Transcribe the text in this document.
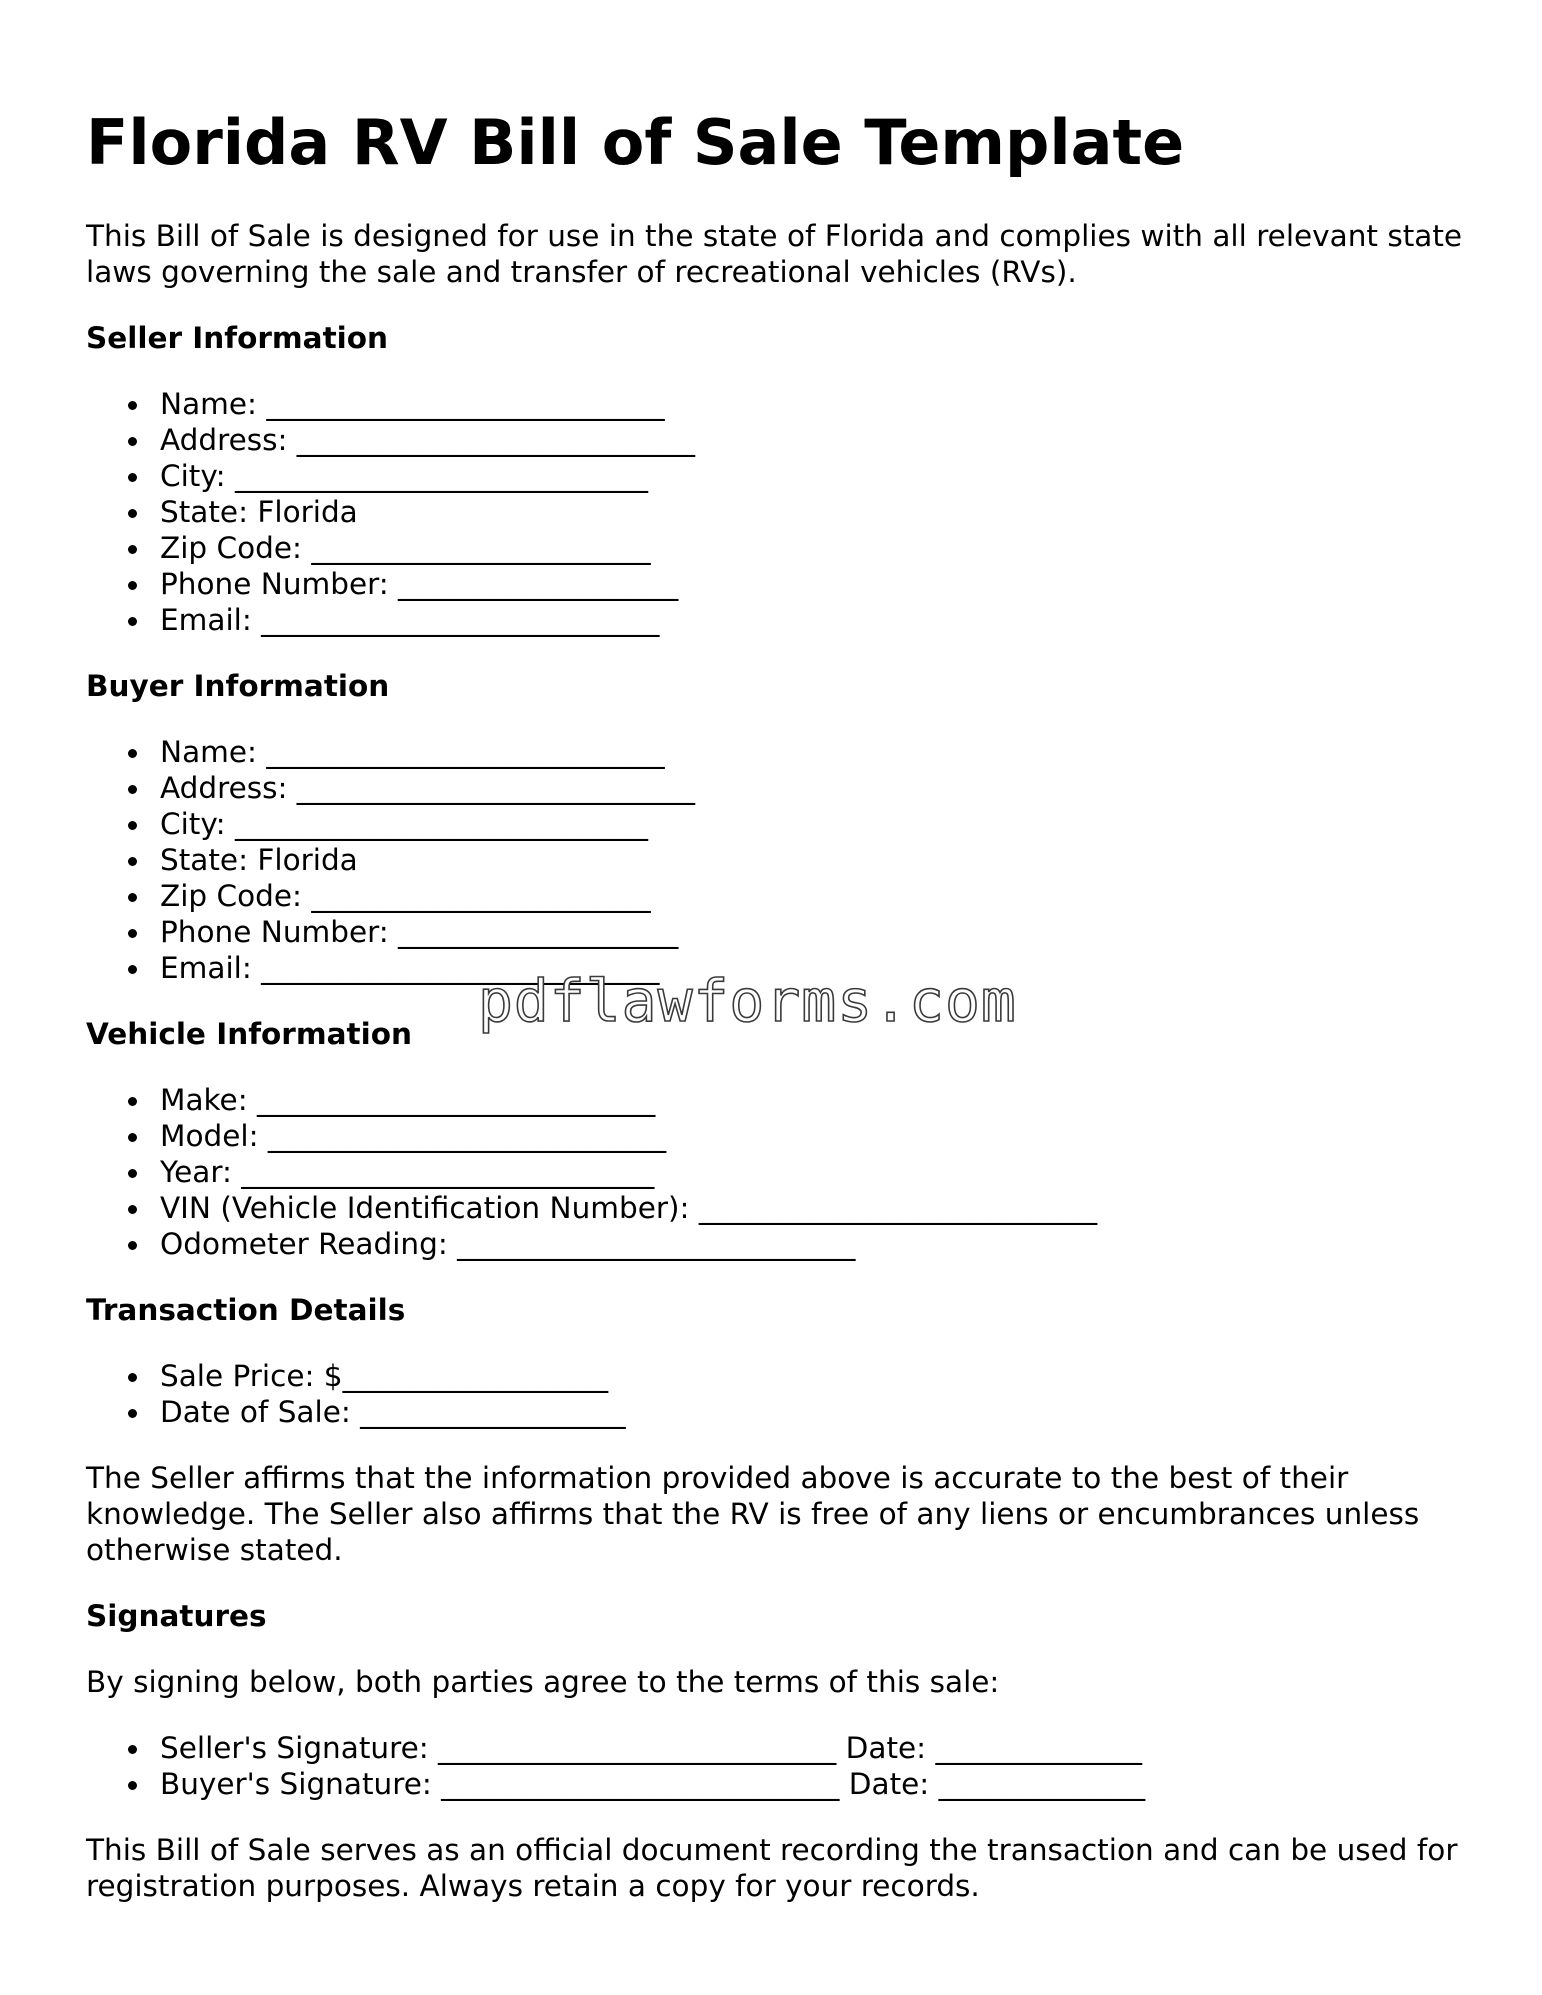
Florida RV Bill of Sale Template

This Bill of Sale is designed for use in the state of Florida and complies with all relevant state laws governing the sale and transfer of recreational vehicles (RVs).

Seller Information
Name: ___________________________
Address: ___________________________
City: ____________________________
State: Florida
Zip Code: _______________________
Phone Number: ___________________
Email: ___________________________
Buyer Information
Name: ___________________________
Address: ___________________________
City: ____________________________
State: Florida
Zip Code: _______________________
Phone Number: ___________________
Email: ___________________________
Vehicle Information
Make: ___________________________
Model: ___________________________
Year: ____________________________
VIN (Vehicle Identification Number): ___________________________
Odometer Reading: ___________________________
Transaction Details
Sale Price: $__________________
Date of Sale: __________________

The Seller affirms that the information provided above is accurate to the best of their knowledge. The Seller also affirms that the RV is free of any liens or encumbrances unless otherwise stated.

Signatures

By signing below, both parties agree to the terms of this sale:

Seller's Signature: ___________________________ Date: ______________
Buyer's Signature: ___________________________ Date: ______________

This Bill of Sale serves as an official document recording the transaction and can be used for registration purposes. Always retain a copy for your records.

pdflawforms.com
